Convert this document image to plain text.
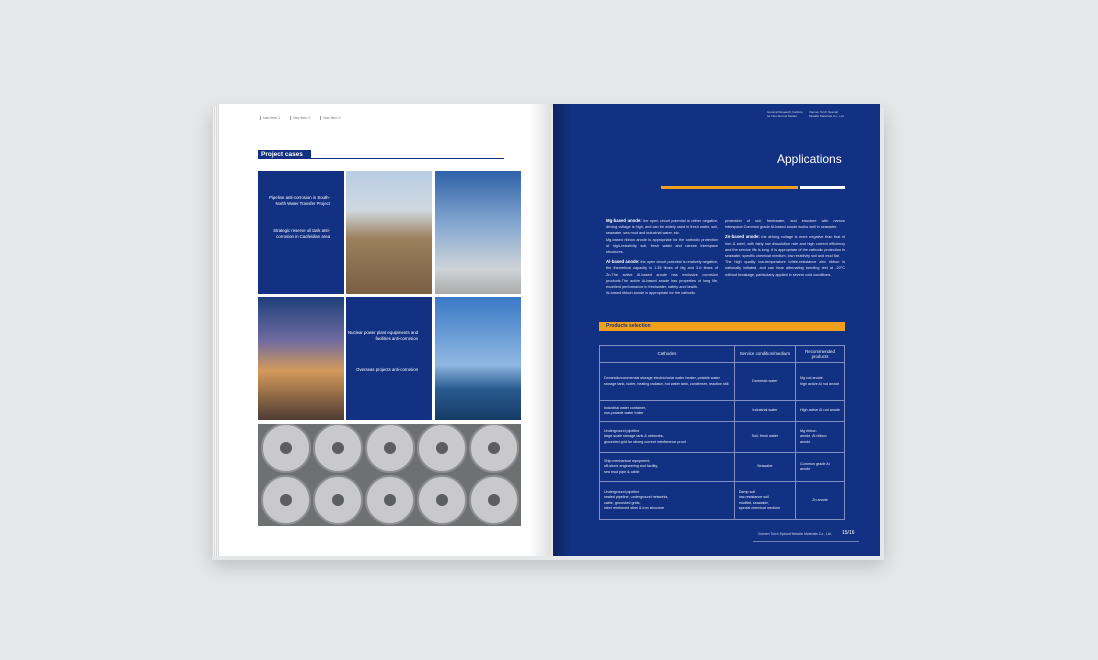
Nav item 1	Nav item 2	Nav item 3
Project cases
Pipeline anti-corrosion in South-North Water Transfer Project
Strategic reserve oil tank anti-corrosion in Caofeidian area
Nuclear power plant equipments and facilities anti-corrosion
Overseas projects anti-corrosion
General Research Institute
for Non-ferrous Metals
Xiamen Torch Special
Metallic Materials Co., Ltd
Applications
Mg-based anode: the open circuit potential is rather negative, driving voltage is high, and can be widely used in fresh water, soil, seawater, sea mud and industrial water, etc.
Mg-based ribbon anode is appropriate for the cathodic protection of high-resistivity soil, fresh water and narrow interspace structures.
Al-based anode: the open circuit potential is relatively negative, the theoretical capacity is 1.35 times of Mg and 3.6 times of Zn.The active Al-based anode has exclusive corrosion products.The active Al-based anode has properties of long life, excellent performance in freshwater, safety and health.
Al-based ribbon anode is appropriate for the cathodic
protection of soil, freshwater, and structure with narrow interspace.Common grade Al-based anode works well in seawater.
Zn-based anode: the driving voltage is more negative than that of iron & steel, with fairly low dissolution rate and high current efficiency and the service life is long. It is appropriate of the cathodic protection in seawater, specific chemical medium, low resistivity soil and mud flat.
The high quality low-temperature brittle-resistance zinc ribbon is nationally initiated, and can bear alternating bending test at -20°C without breakage, particularly applied in severe cold conditions.
Products selection
Cathodes	Service condition/medium	Recommended products
Domestic/commercial storage electric/solar water heater, potable water storage tank, boiler, heating radiator, hot water tank, condenser, reaction still	Domestic water	Mg rod anode
high active Al rod anode
Industrial water container,
non-potable water boiler	Industrial water	High active Al rod anode
Underground pipeline
large-scale storage tank & networks,
grounded grid for strong current interference proof	Soil, fresh water	Mg ribbon
anode, Al ribbon
anode
Ship mechanical equipment,
off-shore engineering and facility,
sea mud pipe & cable	Seawater	Common grade Al anode
Underground pipeline
sealed pipeline, underground networks,
cable, grounded grids,
steel reinforced steel & iron structure	Damp soil
low-resistance soil
mudflat, seawater,
special chemical medium	Zn anode
Xiamen Torch Special Metallic Materials Co., Ltd. 15/16
